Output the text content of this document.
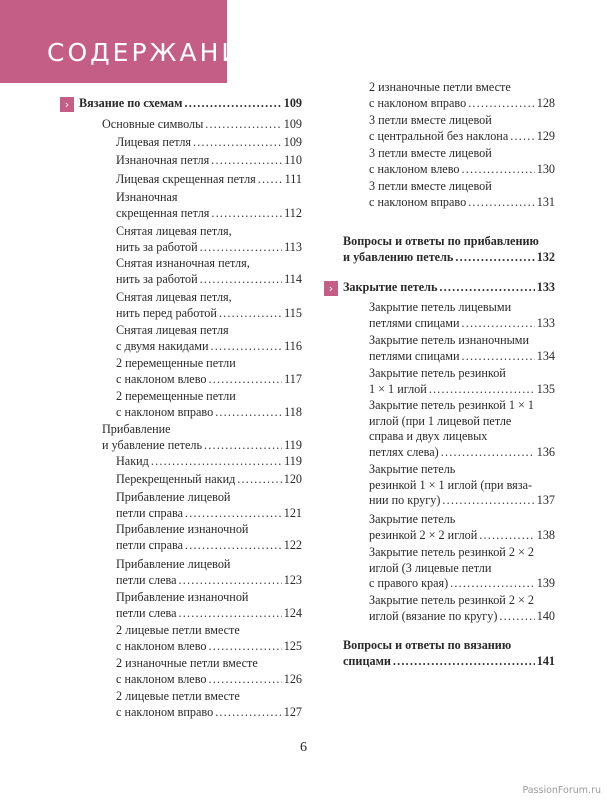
СОДЕРЖАНИЕ
Вязание по схемам .....	109
›
Основные символы .....	109
Лицевая петля .....	109
Изнаночная петля .....	110
Лицевая скрещенная петля ..... 111
Изнаночная
скрещенная петля .....	112
Снятая лицевая петля,
нить за работой .....	113
Снятая изнаночная петля,
нить за работой .....	114
Снятая лицевая петля,
нить перед работой .....	115
Снятая лицевая петля
с двумя накидами .....	116
2 перемещенные петли
с наклоном влево .....	117
2 перемещенные петли
с наклоном вправо .....	118
Прибавление
и убавление петель .....	119
Накид .....	119
Перекрещенный накид .....	120
Прибавление лицевой
петли справа .....	121
Прибавление изнаночной
петли справа .....	122
Прибавление лицевой
петли слева .....	123
Прибавление изнаночной
петли слева .....	124
2 лицевые петли вместе
с наклоном влево .....	125
2 изнаночные петли вместе
с наклоном влево .....	126
2 лицевые петли вместе
с наклоном вправо .....	127
2 изнаночные петли вместе
с наклоном вправо .....	128
3 петли вместе лицевой
с центральной без наклона ..... 129
3 петли вместе лицевой
с наклоном влево .....	130
3 петли вместе лицевой
с наклоном вправо .....	131
Вопросы и ответы по прибавлению
и убавлению петель .....	132
Закрытие петель .....	133
›
Закрытие петель лицевыми
петлями спицами .....	133
Закрытие петель изнаночными
петлями спицами .....	134
Закрытие петель резинкой
1 × 1 иглой .....	135
Закрытие петель резинкой 1 × 1
иглой (при 1 лицевой петле
справа и двух лицевых
петлях слева) .....	136
Закрытие петель
резинкой 1 × 1 иглой (при вяза-
нии по кругу) .....	137
Закрытие петель
резинкой 2 × 2 иглой .....	138
Закрытие петель резинкой 2 × 2
иглой (3 лицевые петли
с правого края) .....	139
Закрытие петель резинкой 2 × 2
иглой (вязание по кругу) .....	140
Вопросы и ответы по вязанию
спицами .....	141
6
PassionForum.ru
